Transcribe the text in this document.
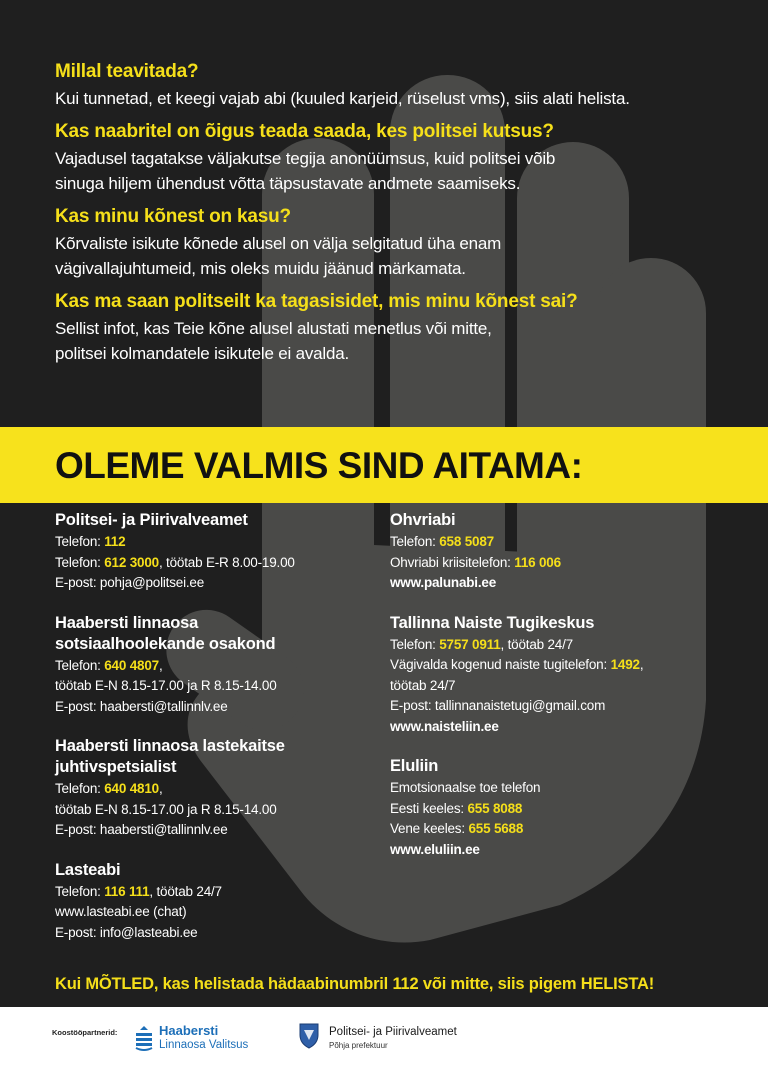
Millal teavitada?

Kui tunnetad, et keegi vajab abi (kuuled karjeid, rüselust vms), siis alati helista.

Kas naabritel on õigus teada saada, kes politsei kutsus?

Vajadusel tagatakse väljakutse tegija anonüümsus, kuid politsei võib
sinuga hiljem ühendust võtta täpsustavate andmete saamiseks.

Kas minu kõnest on kasu?

Kõrvaliste isikute kõnede alusel on välja selgitatud üha enam
vägivallajuhtumeid, mis oleks muidu jäänud märkamata.

Kas ma saan politseilt ka tagasisidet, mis minu kõnest sai?

Sellist infot, kas Teie kõne alusel alustati menetlus või mitte,
politsei kolmandatele isikutele ei avalda.

OLEME VALMIS SIND AITAMA:

Politsei- ja Piirivalveamet

Telefon: 112
Telefon: 612 3000, töötab E-R 8.00-19.00
E-post: pohja@politsei.ee

Haabersti linnaosa
sotsiaalhoolekande osakond

Telefon: 640 4807,
töötab E-N 8.15-17.00 ja R 8.15-14.00
E-post: haabersti@tallinnlv.ee

Haabersti linnaosa lastekaitse
juhtivspetsialist

Telefon: 640 4810,
töötab E-N 8.15-17.00 ja R 8.15-14.00
E-post: haabersti@tallinnlv.ee

Lasteabi

Telefon: 116 111, töötab 24/7
www.lasteabi.ee (chat)
E-post: info@lasteabi.ee

Ohvriabi

Telefon: 658 5087
Ohvriabi kriisitelefon: 116 006
www.palunabi.ee

Tallinna Naiste Tugikeskus

Telefon: 5757 0911, töötab 24/7
Vägivalda kogenud naiste tugitelefon: 1492,
töötab 24/7
E-post: tallinnanaistetugi@gmail.com
www.naisteliin.ee

Eluliin

Emotsionaalse toe telefon
Eesti keeles: 655 8088
Vene keeles: 655 5688
www.eluliin.ee

Kui MÕTLED, kas helistada hädaabinumbril 112 või mitte, siis pigem HELISTA!

Koostööpartnerid:	Haabersti
Linnaosa Valitsus
Politsei- ja Piirivalveamet
Põhja prefektuur
